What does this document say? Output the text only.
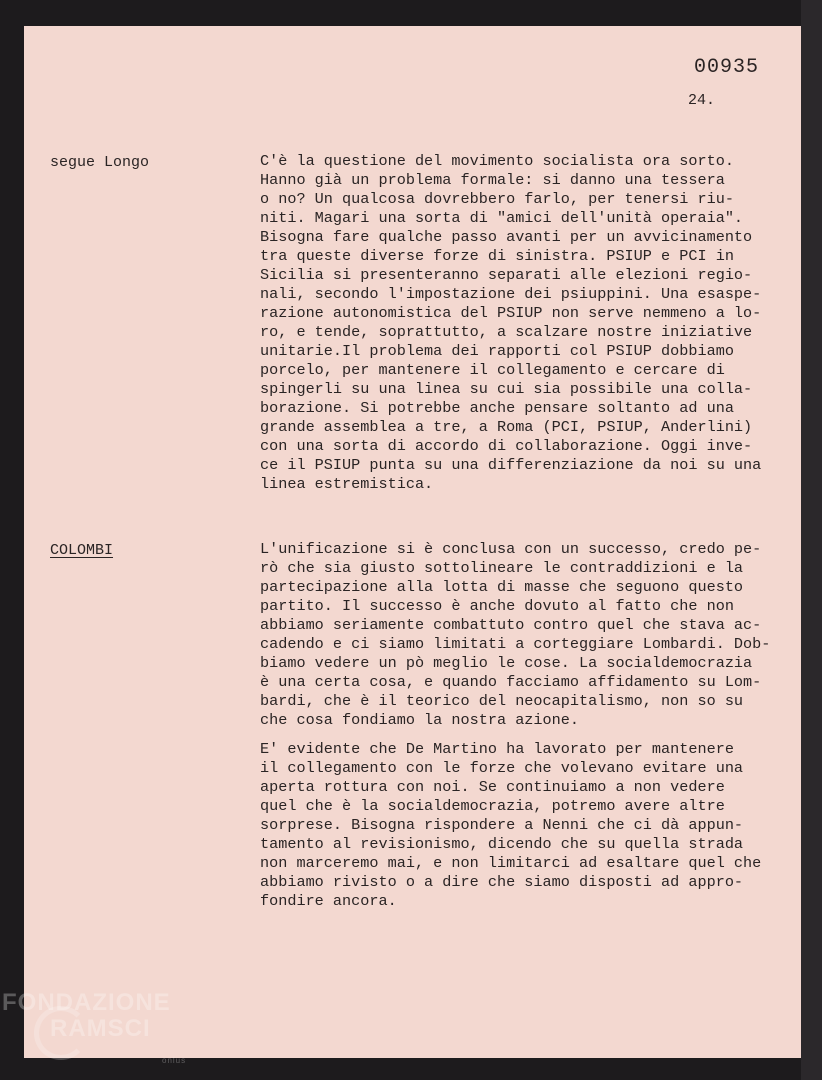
00935
24.
segue Longo	C'è la questione del movimento socialista ora sorto.
Hanno già un problema formale: si danno una tessera
o no? Un qualcosa dovrebbero farlo, per tenersi riu-
niti. Magari una sorta di "amici dell'unità operaia".
Bisogna fare qualche passo avanti per un avvicinamento
tra queste diverse forze di sinistra. PSIUP e PCI in
Sicilia si presenteranno separati alle elezioni regio-
nali, secondo l'impostazione dei psiuppini. Una esaspe-
razione autonomistica del PSIUP non serve nemmeno a lo-
ro, e tende, soprattutto, a scalzare nostre iniziative
unitarie.Il problema dei rapporti col PSIUP dobbiamo
porcelo, per mantenere il collegamento e cercare di
spingerli su una linea su cui sia possibile una colla-
borazione. Si potrebbe anche pensare soltanto ad una
grande assemblea a tre, a Roma (PCI, PSIUP, Anderlini)
con una sorta di accordo di collaborazione. Oggi inve-
ce il PSIUP punta su una differenziazione da noi su una
linea estremistica.
COLOMBI	L'unificazione si è conclusa con un successo, credo pe-
rò che sia giusto sottolineare le contraddizioni e la
partecipazione alla lotta di masse che seguono questo
partito. Il successo è anche dovuto al fatto che non
abbiamo seriamente combattuto contro quel che stava ac-
cadendo e ci siamo limitati a corteggiare Lombardi. Dob-
biamo vedere un pò meglio le cose. La socialdemocrazia
è una certa cosa, e quando facciamo affidamento su Lom-
bardi, che è il teorico del neocapitalismo, non so su
che cosa fondiamo la nostra azione.
E' evidente che De Martino ha lavorato per mantenere
il collegamento con le forze che volevano evitare una
aperta rottura con noi. Se continuiamo a non vedere
quel che è la socialdemocrazia, potremo avere altre
sorprese. Bisogna rispondere a Nenni che ci dà appun-
tamento al revisionismo, dicendo che su quella strada
non marceremo mai, e non limitarci ad esaltare quel che
abbiamo rivisto o a dire che siamo disposti ad appro-
fondire ancora.
FONDAZIONE
RAMSCI
onlus
